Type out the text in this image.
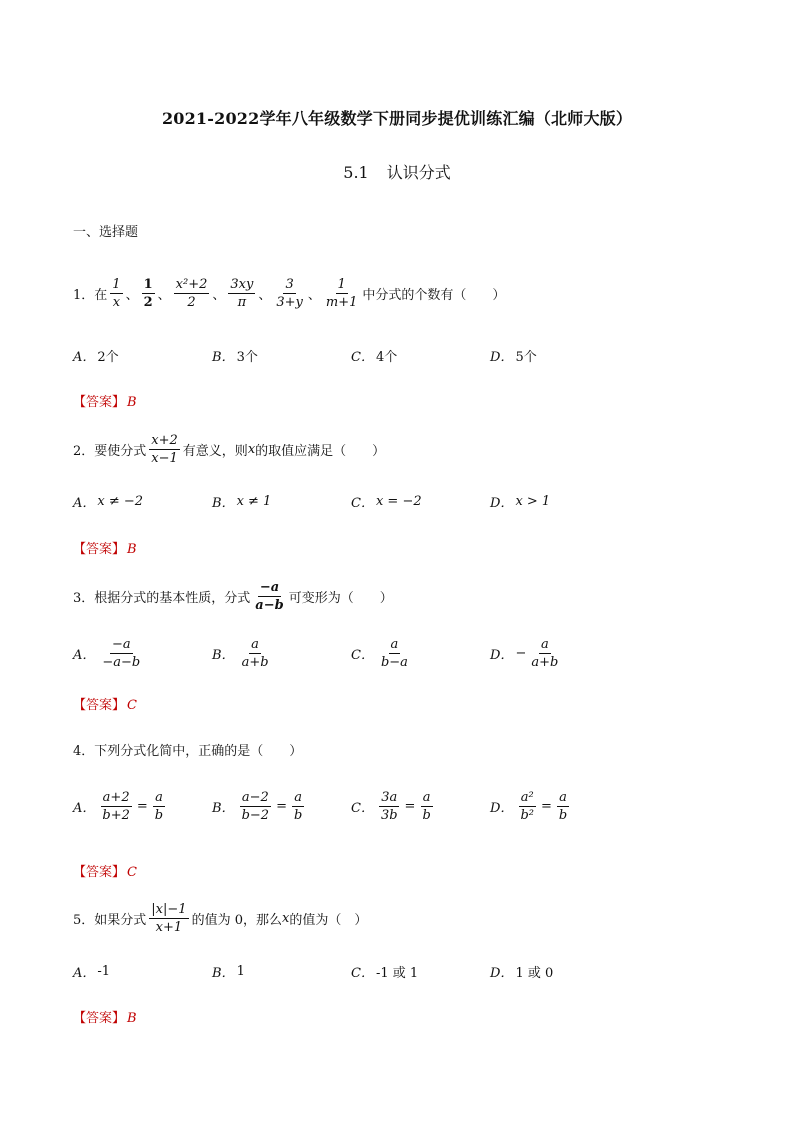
2021-2022学年八年级数学下册同步提优训练汇编（北师大版）
5.1 认识分式
一、选择题
1． 在 $\frac{1}{x}$ 、 $\frac{1}{2}$ 、 $\frac{\text{x²+2}}{2}$ 、 $\frac{3xy}{\pi}$ 、 $\frac{3}{3+y}$ 、 $\frac{1}{m+1}$ 中分式的个数有（　　）
A． 2个	B． 3个	C． 4个	D． 5个
【答案】 B
2． 要使分式 $\frac{x+2}{x-1}$ 有意义，则 x 的取值应满足（　　）
A． x ≠ −2	B． x ≠ 1	C． x = −2	D． x > 1
【答案】 B
3． 根据分式的基本性质，分式 $\frac{-a}{a-b}$ 可变形为（　　）
A． $\frac{-a}{-a-b}$	B． $\frac{a}{a+b}$	C． $\frac{a}{b-a}$	D． − $\frac{a}{a+b}$
【答案】 C
4． 下列分式化简中，正确的是（　　）
A． $\frac{a+2}{b+2} = \frac{a}{b}$	B． $\frac{a-2}{b-2} = \frac{a}{b}$	C． $\frac{3a}{3b} = \frac{a}{b}$	D． $\frac{\text{a²}}{\text{b²}} = \frac{a}{b}$
【答案】 C
5． 如果分式 $\frac{|x|-1}{x+1}$ 的值为 0，那么 x 的值为（　）
A． -1	B． 1	C． -1 或 1	D． 1 或 0
【答案】 B
